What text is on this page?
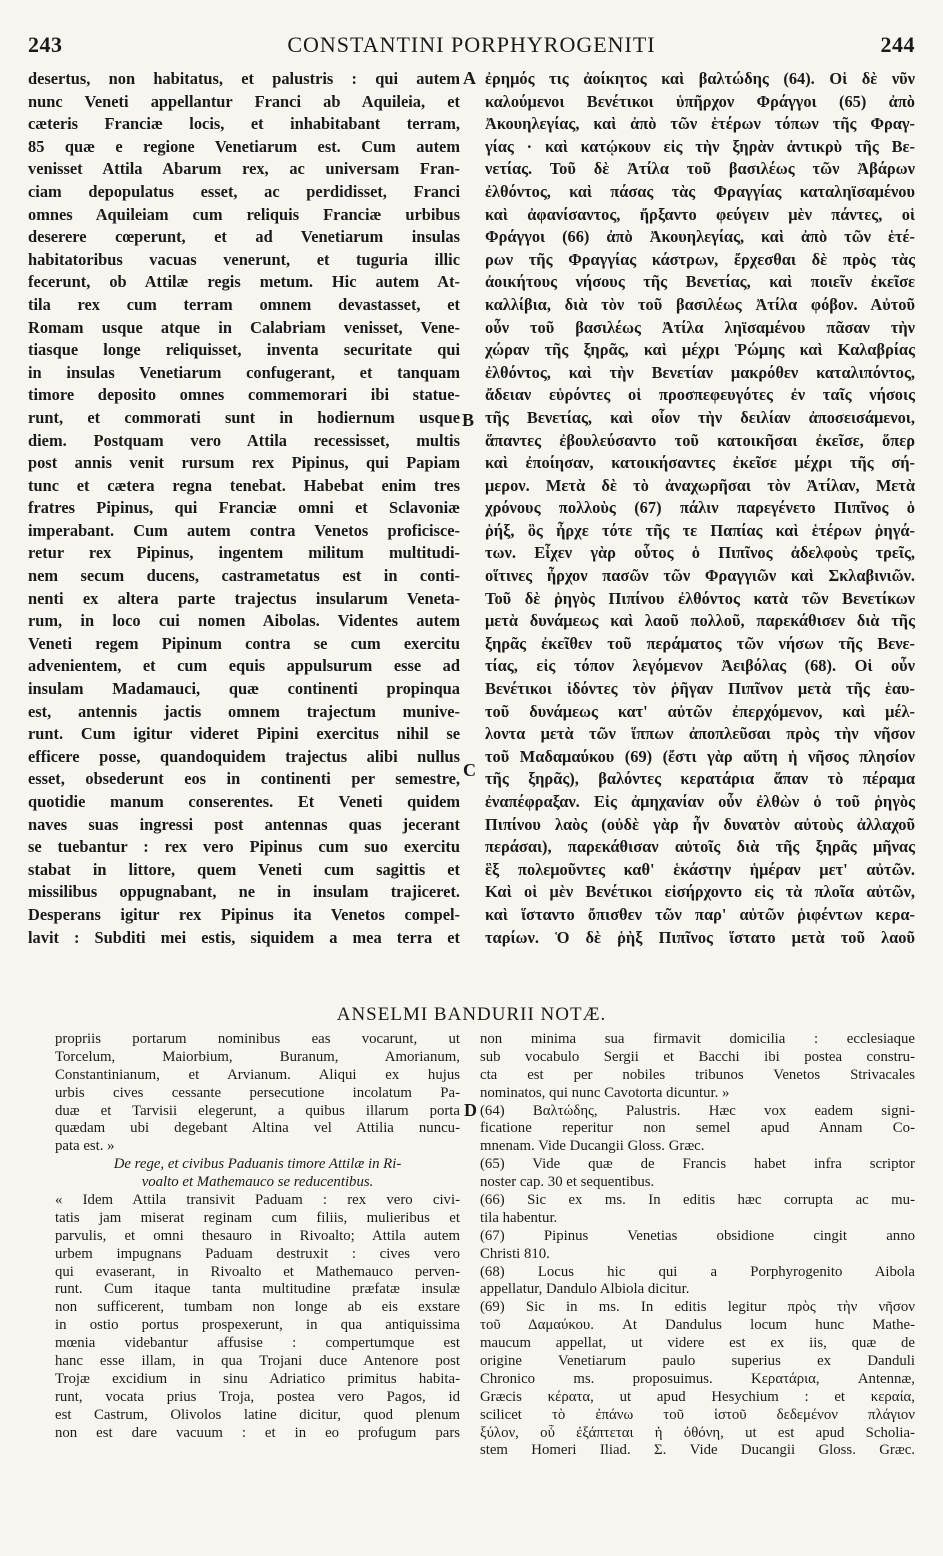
243	CONSTANTINI PORPHYROGENITI	244
desertus, non habitatus, et palustris : qui autem
nunc Veneti appellantur Franci ab Aquileia, et
cæteris Franciæ locis, et inhabitabant terram,
85 quæ e regione Venetiarum est. Cum autem
venisset Attila Abarum rex, ac universam Fran-
ciam depopulatus esset, ac perdidisset, Franci
omnes Aquileiam cum reliquis Franciæ urbibus
deserere cœperunt, et ad Venetiarum insulas
habitatoribus vacuas venerunt, et tuguria illic
fecerunt, ob Attilæ regis metum. Hic autem At-
tila rex cum terram omnem devastasset, et
Romam usque atque in Calabriam venisset, Vene-
tiasque longe reliquisset, inventa securitate qui
in insulas Venetiarum confugerant, et tanquam
timore deposito omnes commemorari ibi statue-
runt, et commorati sunt in hodiernum usque
diem. Postquam vero Attila recessisset, multis
post annis venit rursum rex Pipinus, qui Papiam
tunc et cætera regna tenebat. Habebat enim tres
fratres Pipinus, qui Franciæ omni et Sclavoniæ
imperabant. Cum autem contra Venetos proficisce-
retur rex Pipinus, ingentem militum multitudi-
nem secum ducens, castrametatus est in conti-
nenti ex altera parte trajectus insularum Veneta-
rum, in loco cui nomen Aibolas. Videntes autem
Veneti regem Pipinum contra se cum exercitu
advenientem, et cum equis appulsurum esse ad
insulam Madamauci, quæ continenti propinqua
est, antennis jactis omnem trajectum munive-
runt. Cum igitur videret Pipini exercitus nihil se
efficere posse, quandoquidem trajectus alibi nullus
esset, obsederunt eos in continenti per semestre,
quotidie manum conserentes. Et Veneti quidem
naves suas ingressi post antennas quas jecerant
se tuebantur : rex vero Pipinus cum suo exercitu
stabat in littore, quem Veneti cum sagittis et
missilibus oppugnabant, ne in insulam trajiceret.
Desperans igitur rex Pipinus ita Venetos compel-
lavit : Subditi mei estis, siquidem a mea terra et
ἐρημός τις ἀοίκητος καὶ βαλτώδης (64). Οἱ δὲ νῦν
καλούμενοι Βενέτικοι ὑπῆρχον Φράγγοι (65) ἀπὸ
Ἀκουηλεγίας, καὶ ἀπὸ τῶν ἑτέρων τόπων τῆς Φραγ-
γίας · καὶ κατῴκουν εἰς τὴν ξηρὰν ἀντικρὺ τῆς Βε-
νετίας. Τοῦ δὲ Ἀτίλα τοῦ βασιλέως τῶν Ἀβάρων
ἐλθόντος, καὶ πάσας τὰς Φραγγίας καταληϊσαμένου
καὶ ἀφανίσαντος, ἤρξαντο φεύγειν μὲν πάντες, οἱ
Φράγγοι (66) ἀπὸ Ἀκουηλεγίας, καὶ ἀπὸ τῶν ἑτέ-
ρων τῆς Φραγγίας κάστρων, ἔρχεσθαι δὲ πρὸς τὰς
ἀοικήτους νήσους τῆς Βενετίας, καὶ ποιεῖν ἐκεῖσε
καλλίβια, διὰ τὸν τοῦ βασιλέως Ἀτίλα φόβον. Αὐτοῦ
οὖν τοῦ βασιλέως Ἀτίλα ληϊσαμένου πᾶσαν τὴν
χώραν τῆς ξηρᾶς, καὶ μέχρι Ῥώμης καὶ Καλαβρίας
ἐλθόντος, καὶ τὴν Βενετίαν μακρόθεν καταλιπόντος,
ἄδειαν εὑρόντες οἱ προσπεφευγότες ἐν ταῖς νήσοις
τῆς Βενετίας, καὶ οἷον τὴν δειλίαν ἀποσεισάμενοι,
ἅπαντες ἐβουλεύσαντο τοῦ κατοικῆσαι ἐκεῖσε, ὅπερ
καὶ ἐποίησαν, κατοικήσαντες ἐκεῖσε μέχρι τῆς σή-
μερον. Μετὰ δὲ τὸ ἀναχωρῆσαι τὸν Ἀτίλαν, Μετὰ
χρόνους πολλοὺς (67) πάλιν παρεγένετο Πιπῖνος ὁ
ῥήξ, ὃς ἦρχε τότε τῆς τε Παπίας καὶ ἑτέρων ῥηγά-
των. Εἶχεν γὰρ οὗτος ὁ Πιπῖνος ἀδελφοὺς τρεῖς,
οἵτινες ἦρχον πασῶν τῶν Φραγγιῶν καὶ Σκλαβινιῶν.
Τοῦ δὲ ῥηγὸς Πιπίνου ἐλθόντος κατὰ τῶν Βενετίκων
μετὰ δυνάμεως καὶ λαοῦ πολλοῦ, παρεκάθισεν διὰ τῆς
ξηρᾶς ἐκεῖθεν τοῦ περάματος τῶν νήσων τῆς Βενε-
τίας, εἰς τόπον λεγόμενον Ἀειβόλας (68). Οἱ οὖν
Βενέτικοι ἰδόντες τὸν ῥῆγαν Πιπῖνον μετὰ τῆς ἑαυ-
τοῦ δυνάμεως κατ' αὐτῶν ἐπερχόμενον, καὶ μέλ-
λοντα μετὰ τῶν ἵππων ἀποπλεῦσαι πρὸς τὴν νῆσον
τοῦ Μαδαμαύκου (69) (ἔστι γὰρ αὕτη ἡ νῆσος πλησίον
τῆς ξηρᾶς), βαλόντες κερατάρια ἅπαν τὸ πέραμα
ἐναπέφραξαν. Εἰς ἀμηχανίαν οὖν ἐλθὼν ὁ τοῦ ῥηγὸς
Πιπίνου λαὸς (οὐδὲ γὰρ ἦν δυνατὸν αὐτοὺς ἀλλαχοῦ
περάσαι), παρεκάθισαν αὐτοῖς διὰ τῆς ξηρᾶς μῆνας
ἓξ πολεμοῦντες καθ' ἑκάστην ἡμέραν μετ' αὐτῶν.
Καὶ οἱ μὲν Βενέτικοι εἰσήρχοντο εἰς τὰ πλοῖα αὐτῶν,
καὶ ἵσταντο ὄπισθεν τῶν παρ' αὐτῶν ῥιφέντων κερα-
ταρίων. Ὁ δὲ ῥὴξ Πιπῖνος ἵστατο μετὰ τοῦ λαοῦ
A
B
C
D
ANSELMI BANDURII NOTÆ.
propriis portarum nominibus eas vocarunt, ut
Torcelum, Maiorbium, Buranum, Amorianum,
Constantinianum, et Arvianum. Aliqui ex hujus
urbis cives cessante persecutione incolatum Pa-
duæ et Tarvisii elegerunt, a quibus illarum porta
quædam ubi degebant Altina vel Attilia nuncu-
pata est. »
De rege, et civibus Paduanis timore Attilæ in Ri-
voalto et Mathemauco se reducentibus.
« Idem Attila transivit Paduam : rex vero civi-
tatis jam miserat reginam cum filiis, mulieribus et
parvulis, et omni thesauro in Rivoalto; Attila autem
urbem impugnans Paduam destruxit : cives vero
qui evaserant, in Rivoalto et Mathemauco perven-
runt. Cum itaque tanta multitudine præfatæ insulæ
non sufficerent, tumbam non longe ab eis exstare
in ostio portus prospexerunt, in qua antiquissima
mœnia videbantur affusise : compertumque est
hanc esse illam, in qua Trojani duce Antenore post
Trojæ excidium in sinu Adriatico primitus habita-
runt, vocata prius Troja, postea vero Pagos, id
est Castrum, Olivolos latine dicitur, quod plenum
non est dare vacuum : et in eo profugum pars
non minima sua firmavit domicilia : ecclesiaque
sub vocabulo Sergii et Bacchi ibi postea constru-
cta est per nobiles tribunos Venetos Strivacales
nominatos, qui nunc Cavotorta dicuntur. »
(64) Βαλτώδης, Palustris. Hæc vox eadem signi-
ficatione reperitur non semel apud Annam Co-
mnenam. Vide Ducangii Gloss. Græc.
(65) Vide quæ de Francis habet infra scriptor
noster cap. 30 et sequentibus.
(66) Sic ex ms. In editis hæc corrupta ac mu-
tila habentur.
(67) Pipinus Venetias obsidione cingit anno
Christi 810.
(68) Locus hic qui a Porphyrogenito Aibola
appellatur, Dandulo Albiola dicitur.
(69) Sic in ms. In editis legitur πρὸς τὴν νῆσον
τοῦ Δαμαύκου. At Dandulus locum hunc Mathe-
maucum appellat, ut videre est ex iis, quæ de
origine Venetiarum paulo superius ex Danduli
Chronico ms. proposuimus. Κερατάρια, Antennæ,
Græcis κέρατα, ut apud Hesychium : et κεραία,
scilicet τὸ ἐπάνω τοῦ ἱστοῦ δεδεμένον πλάγιον
ξύλον, οὗ ἐξάπτεται ἡ ὀθόνη, ut est apud Scholia-
stem Homeri Iliad. Σ. Vide Ducangii Gloss. Græc.
